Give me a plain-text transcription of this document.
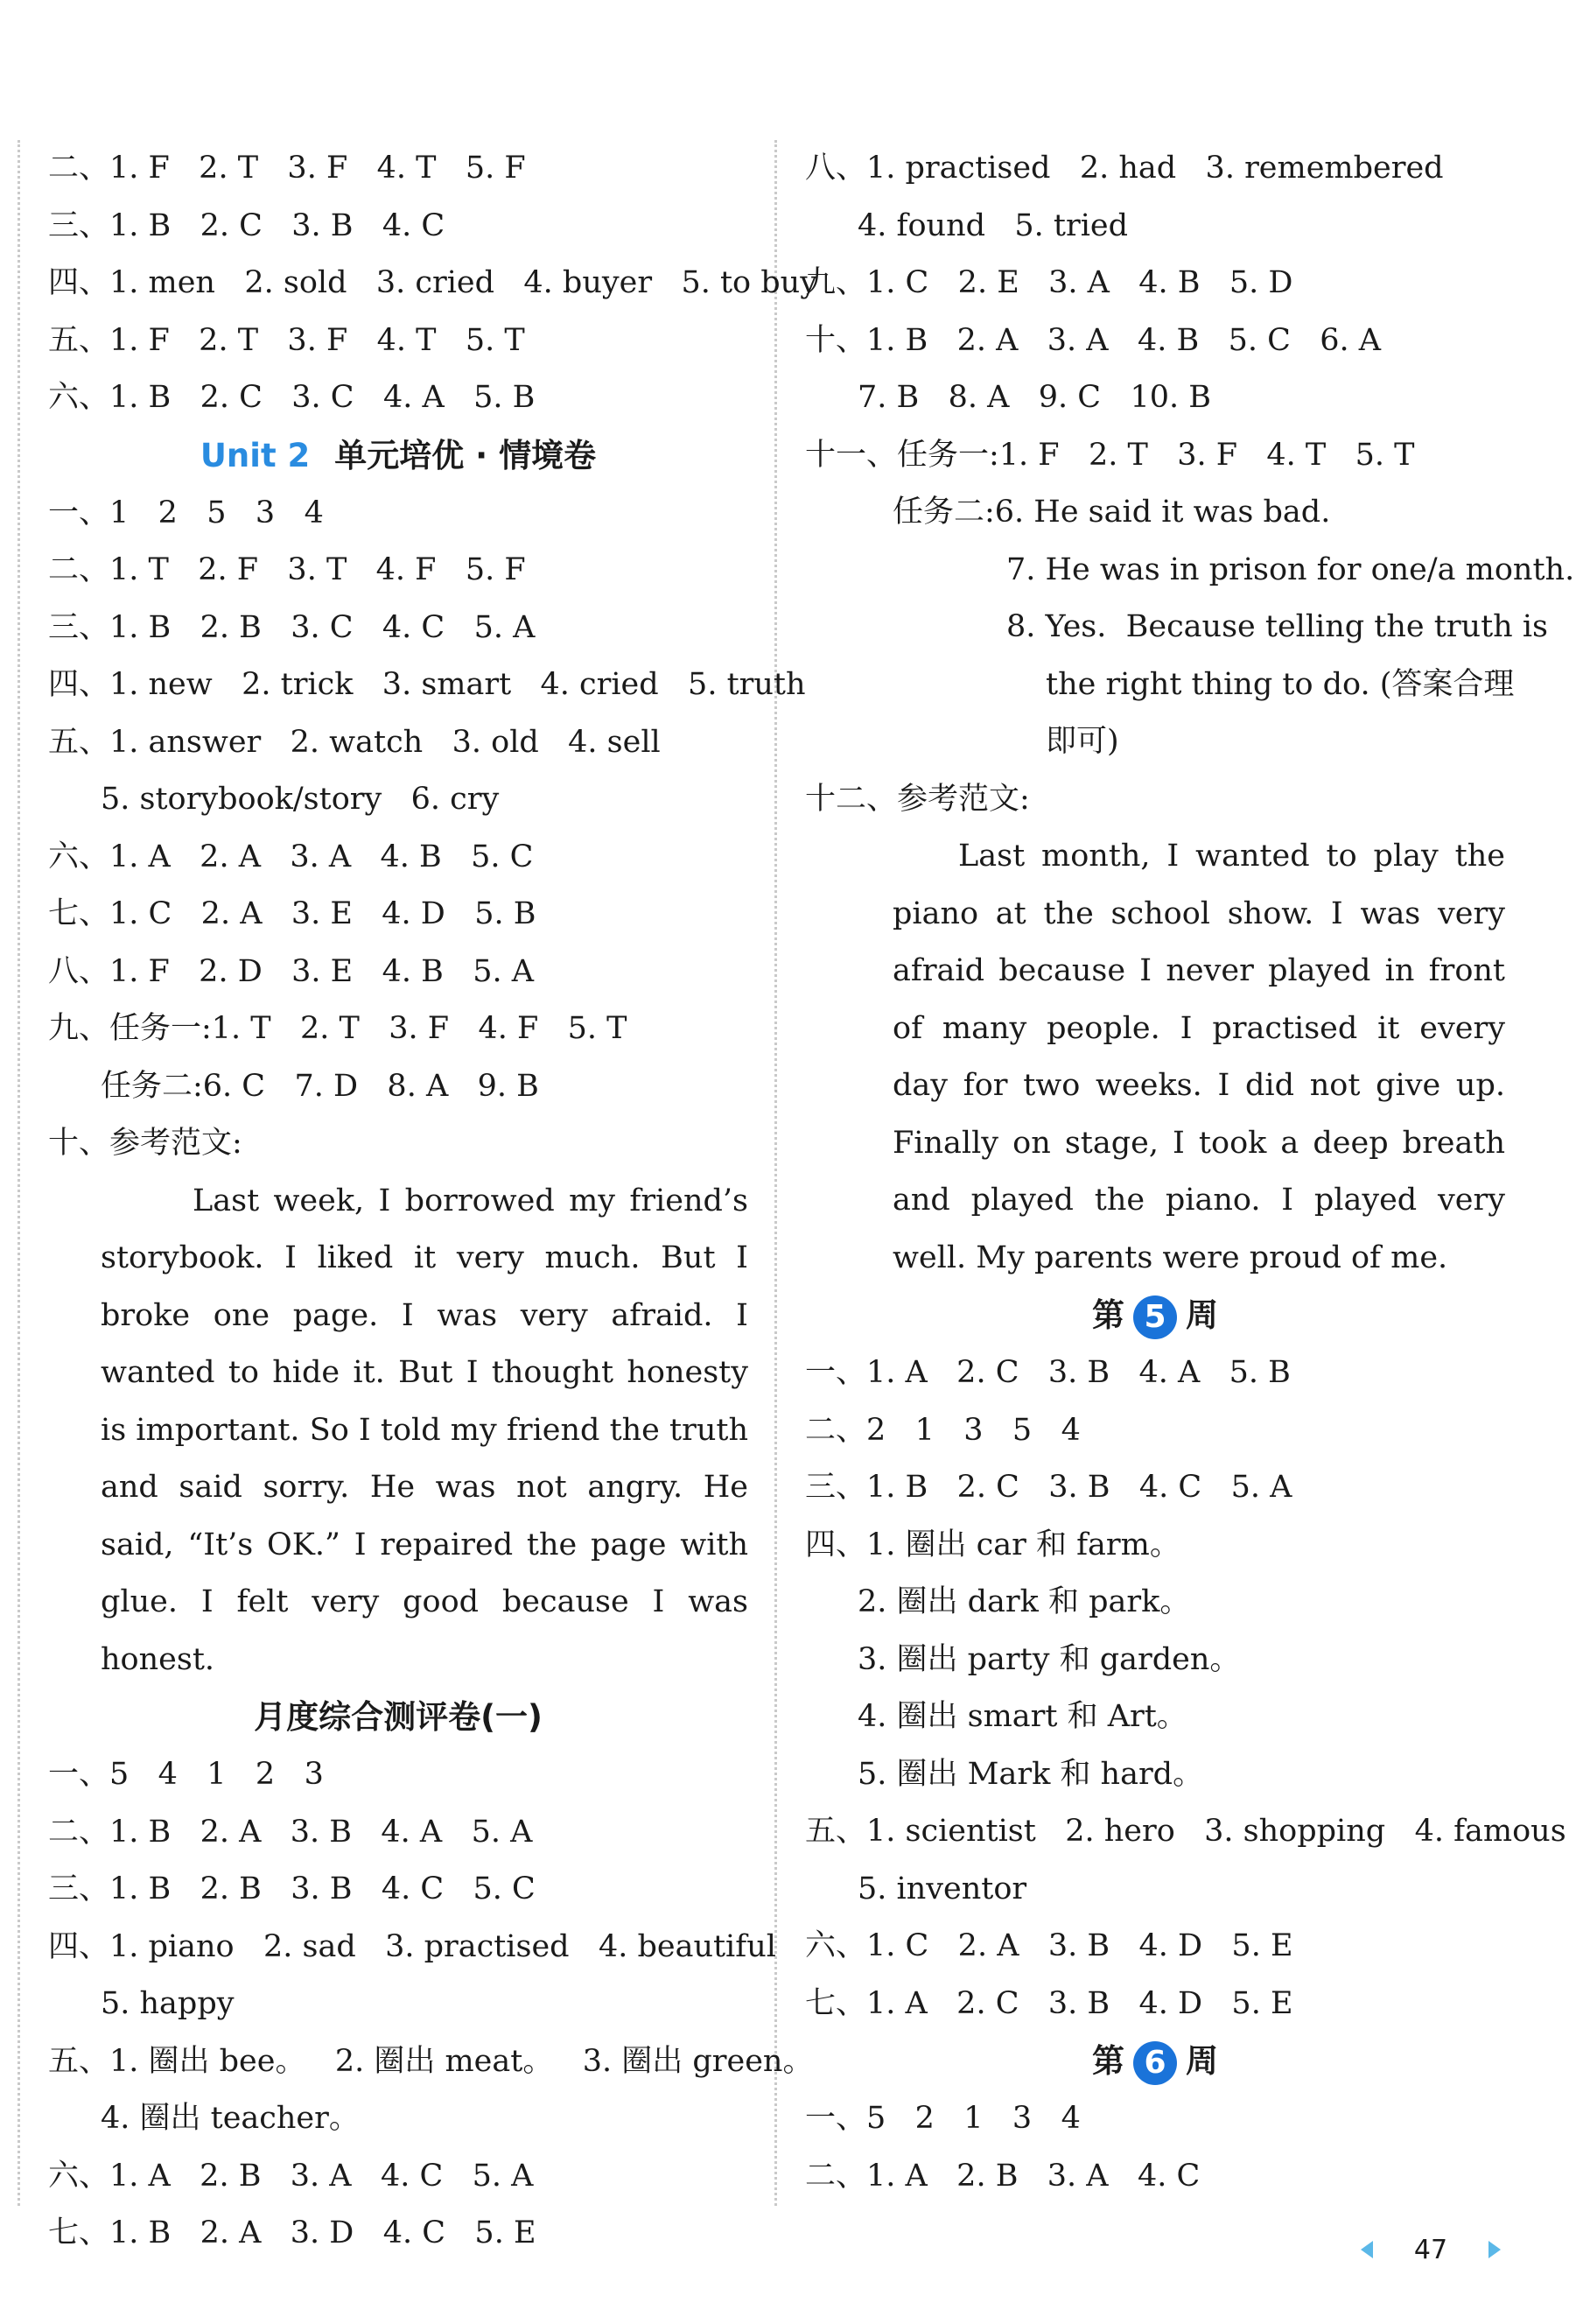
二、1. F   2. T   3. F   4. T   5. F
三、1. B   2. C   3. B   4. C
四、1. men   2. sold   3. cried   4. buyer   5. to buy
五、1. F   2. T   3. F   4. T   5. T
六、1. B   2. C   3. C   4. A   5. B
Unit 2 单元培优 · 情境卷
一、1   2   5   3   4
二、1. T   2. F   3. T   4. F   5. F
三、1. B   2. B   3. C   4. C   5. A
四、1. new   2. trick   3. smart   4. cried   5. truth
五、1. answer   2. watch   3. old   4. sell
5. storybook/story   6. cry
六、1. A   2. A   3. A   4. B   5. C
七、1. C   2. A   3. E   4. D   5. B
八、1. F   2. D   3. E   4. B   5. A
九、任务一:1. T   2. T   3. F   4. F   5. T
任务二:6. C   7. D   8. A   9. B
十、参考范文:
Last week, I borrowed my friend’s storybook. I liked it very much. But I broke one page. I was very afraid. I wanted to hide it. But I thought honesty is important. So I told my friend the truth and said sorry. He was not angry. He said, “It’s OK.” I repaired the page with glue. I felt very good because I was honest.
月度综合测评卷(一)
一、5   4   1   2   3
二、1. B   2. A   3. B   4. A   5. A
三、1. B   2. B   3. B   4. C   5. C
四、1. piano   2. sad   3. practised   4. beautiful
5. happy
五、1. 圈出 bee。   2. 圈出 meat。   3. 圈出 green。
4. 圈出 teacher。
六、1. A   2. B   3. A   4. C   5. A
七、1. B   2. A   3. D   4. C   5. E
八、1. practised   2. had   3. remembered
4. found   5. tried
九、1. C   2. E   3. A   4. B   5. D
十、1. B   2. A   3. A   4. B   5. C   6. A
7. B   8. A   9. C   10. B
十一、任务一:1. F   2. T   3. F   4. T   5. T
任务二:6. He said it was bad.
7. He was in prison for one/a month.
8. Yes.  Because telling the truth is
the right thing to do. (答案合理
即可)
十二、参考范文:
Last month, I wanted to play the piano at the school show. I was very afraid because I never played in front of many people. I practised it every day for two weeks. I did not give up. Finally on stage, I took a deep breath and played the piano. I played very well. My parents were proud of me.
第 5 周
一、1. A   2. C   3. B   4. A   5. B
二、2   1   3   5   4
三、1. B   2. C   3. B   4. C   5. A
四、1. 圈出 car 和 farm。
2. 圈出 dark 和 park。
3. 圈出 party 和 garden。
4. 圈出 smart 和 Art。
5. 圈出 Mark 和 hard。
五、1. scientist   2. hero   3. shopping   4. famous
5. inventor
六、1. C   2. A   3. B   4. D   5. E
七、1. A   2. C   3. B   4. D   5. E
第 6 周
一、5   2   1   3   4
二、1. A   2. B   3. A   4. C
47
